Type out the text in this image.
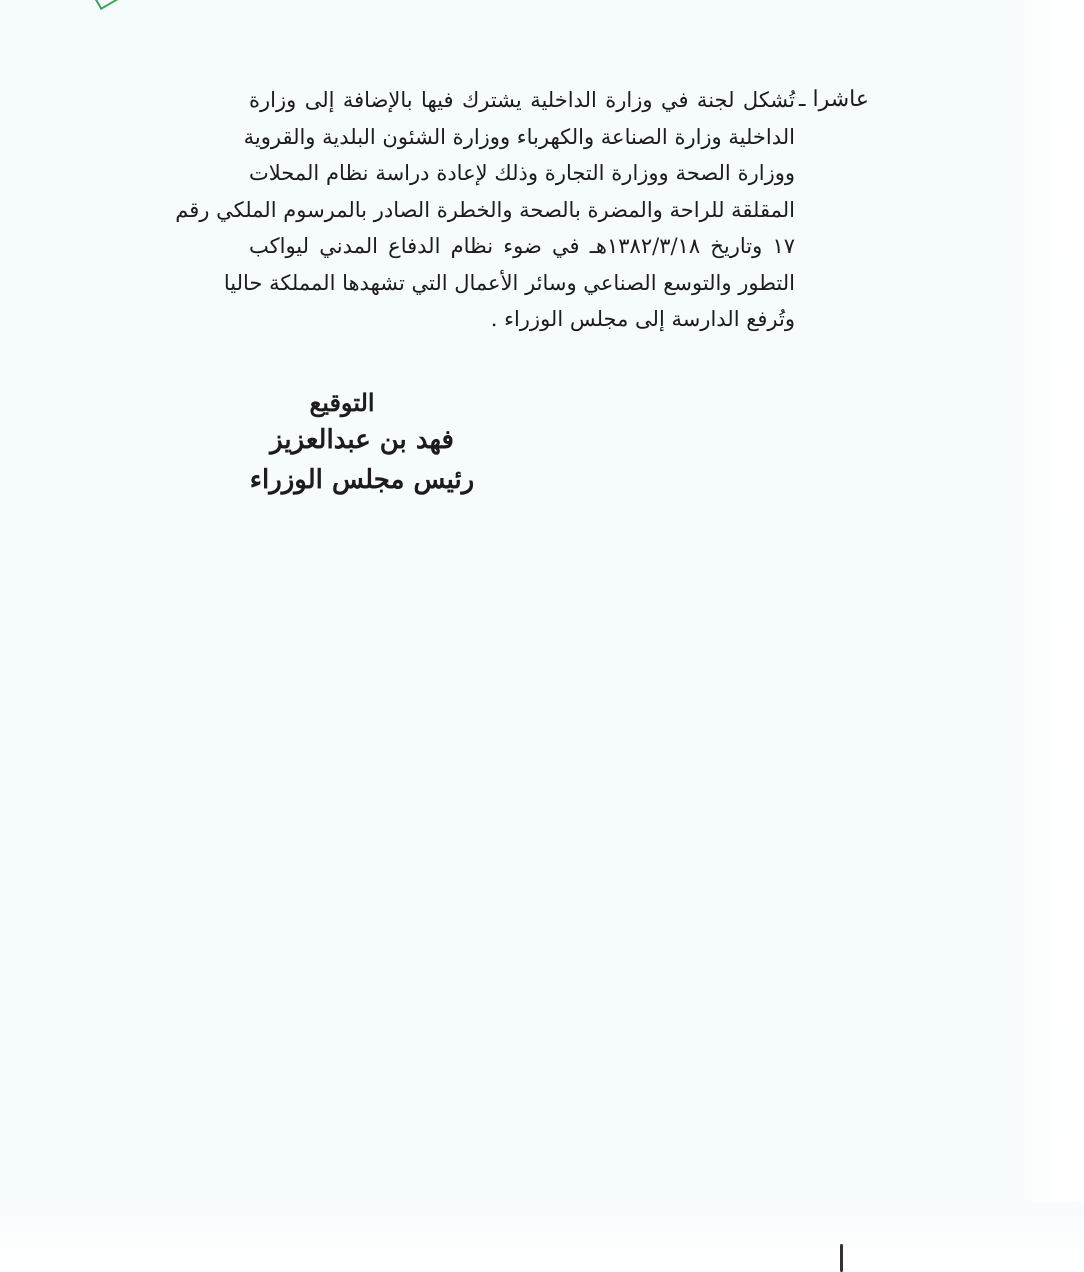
عاشرا ـ
تُشكل لجنة في وزارة الداخلية يشترك فيها بالإضافة إلى وزارة
الداخلية وزارة الصناعة والكهرباء ووزارة الشئون البلدية والقروية
ووزارة الصحة ووزارة التجارة وذلك لإعادة دراسة نظام المحلات
المقلقة للراحة والمضرة بالصحة والخطرة الصادر بالمرسوم الملكي رقم
١٧ وتاريخ ١٣٨٢/٣/١٨هـ في ضوء نظام الدفاع المدني ليواكب
التطور والتوسع الصناعي وسائر الأعمال التي تشهدها المملكة حاليا
وتُرفع الدارسة إلى مجلس الوزراء .
التوقيع
فهد بن عبدالعزيز
رئيس مجلس الوزراء
